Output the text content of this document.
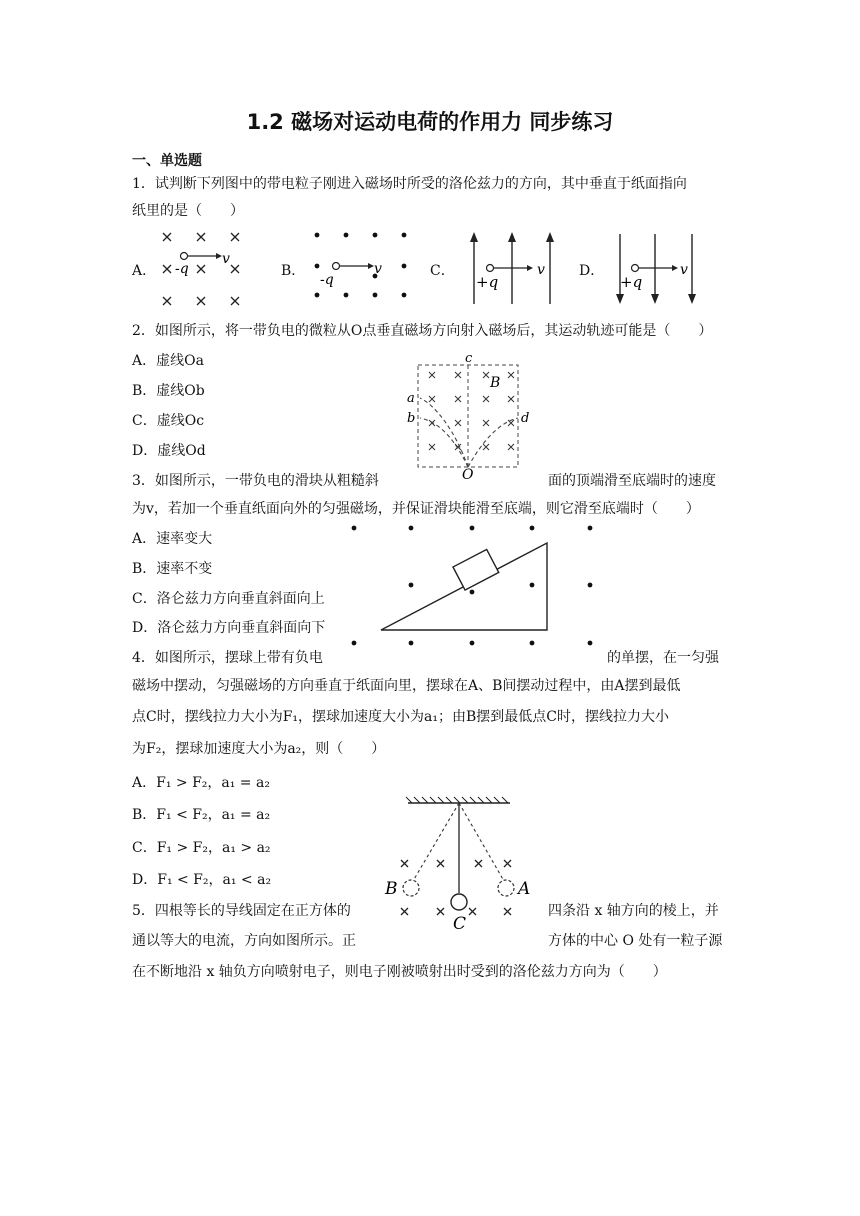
1.2 磁场对运动电荷的作用力 同步练习
一、单选题
1．试判断下列图中的带电粒子刚进入磁场时所受的洛伦兹力的方向，其中垂直于纸面指向
纸里的是（　　）
A．	B．	C．	D．
-q
v
-q
v
+q
v
+q
v
2．如图所示，将一带负电的微粒从O点垂直磁场方向射入磁场后，其运动轨迹可能是（　　）
A．虚线Oa
B．虚线Ob
C．虚线Oc
D．虚线Od
a
b
c
d
B
O
3．如图所示，一带负电的滑块从粗糙斜	面的顶端滑至底端时的速度
为v，若加一个垂直纸面向外的匀强磁场，并保证滑块能滑至底端，则它滑至底端时（　　）
A．速率变大
B．速率不变
C．洛仑兹力方向垂直斜面向上
D．洛仑兹力方向垂直斜面向下
4．如图所示，摆球上带有负电	的单摆，在一匀强
磁场中摆动，匀强磁场的方向垂直于纸面向里，摆球在A、B间摆动过程中，由A摆到最低
点C时，摆线拉力大小为F₁，摆球加速度大小为a₁；由B摆到最低点C时，摆线拉力大小
为F₂，摆球加速度大小为a₂，则（　　）
A．F₁ > F₂，a₁ = a₂
B．F₁ < F₂，a₁ = a₂
C．F₁ > F₂，a₁ > a₂
D．F₁ < F₂，a₁ < a₂	B	A
C
5．四根等长的导线固定在正方体的	四条沿 x 轴方向的棱上，并
通以等大的电流，方向如图所示。正	方体的中心 O 处有一粒子源
在不断地沿 x 轴负方向喷射电子，则电子刚被喷射出时受到的洛伦兹力方向为（　　）
